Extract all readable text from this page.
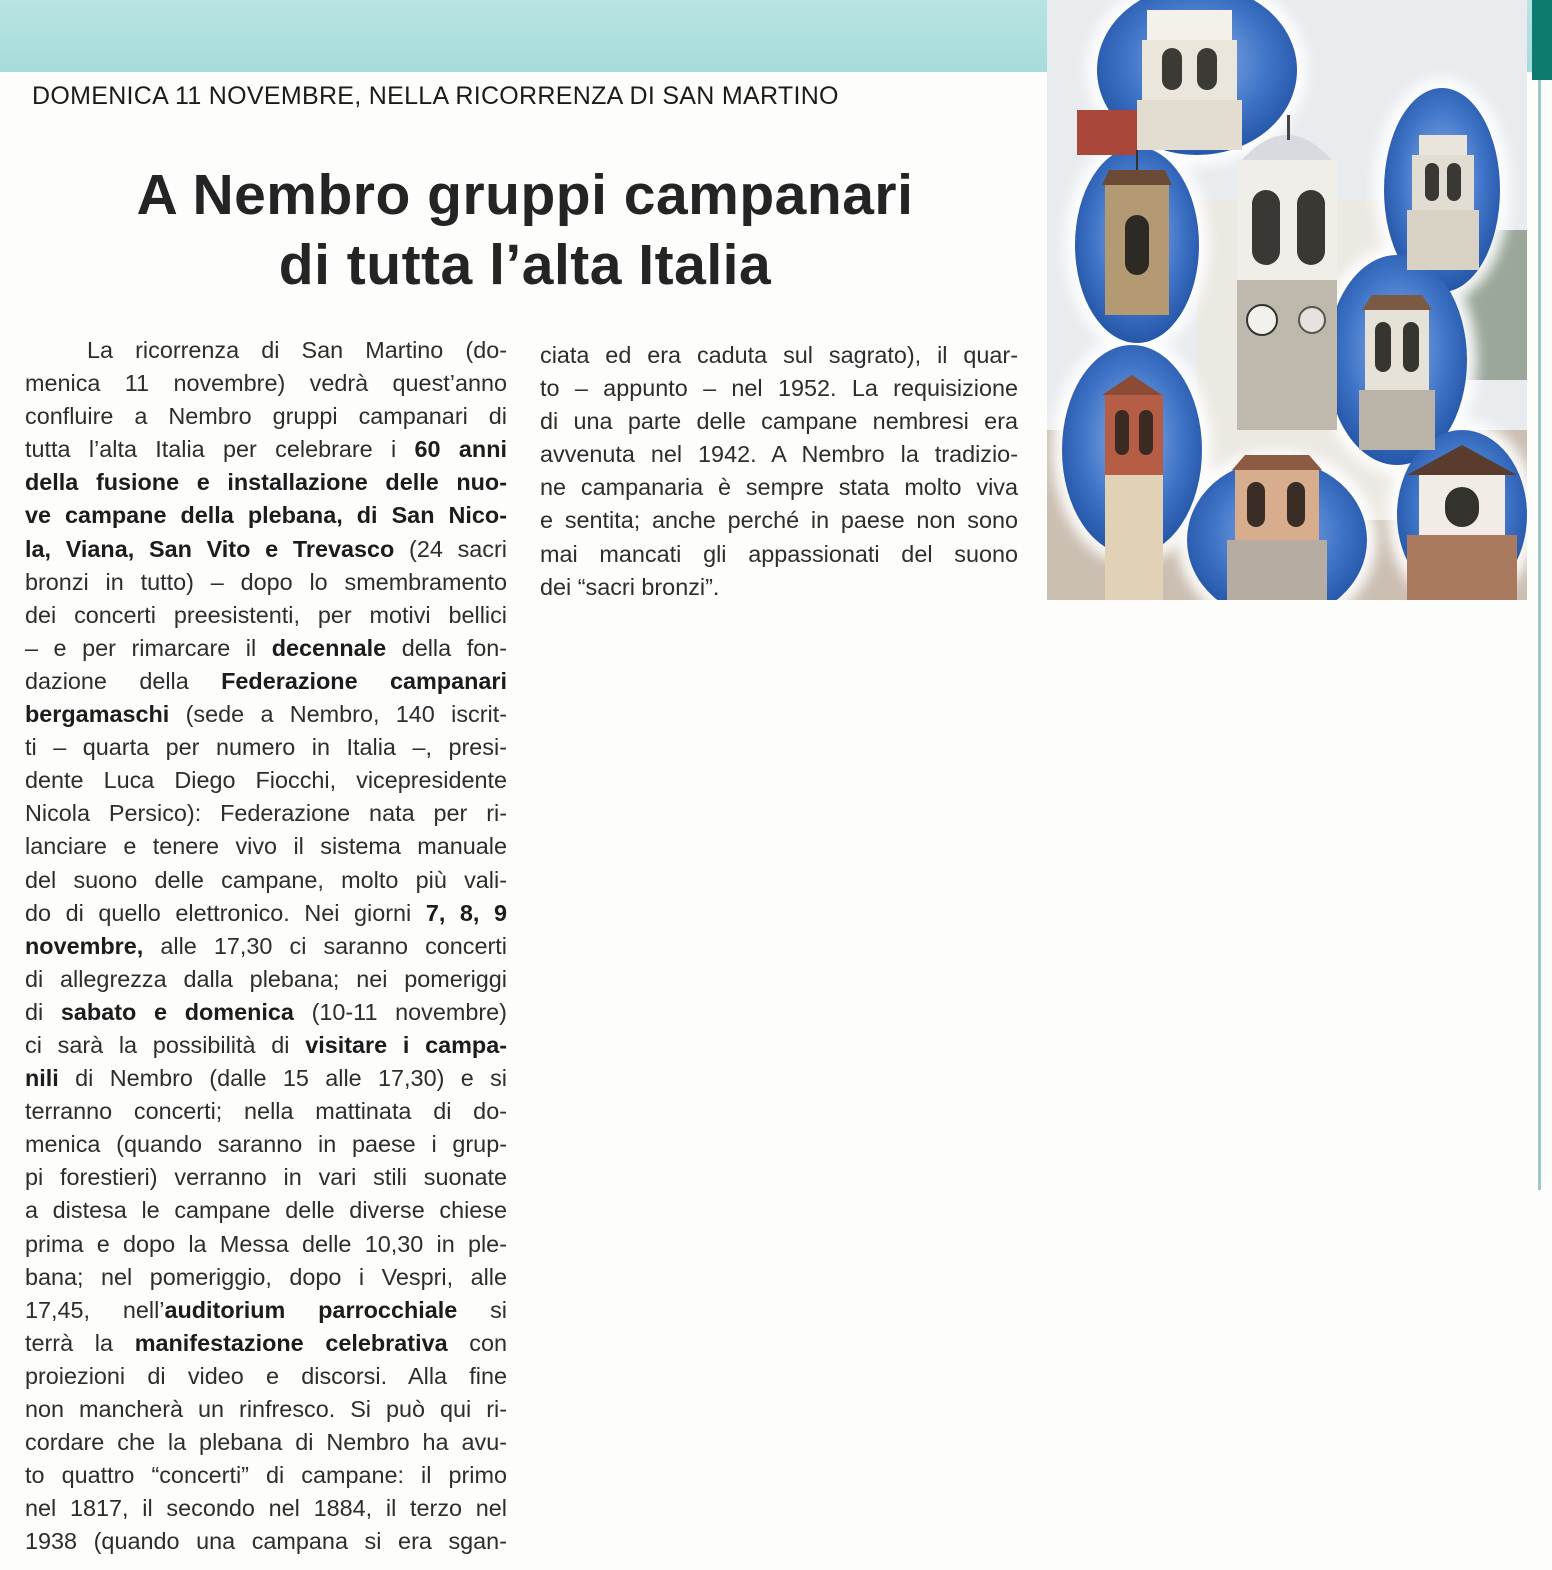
DOMENICA 11 NOVEMBRE, NELLA RICORRENZA DI SAN MARTINO
A Nembro gruppi campanari
di tutta l’alta Italia

La ricorrenza di San Martino (do-
menica 11 novembre) vedrà quest’anno
confluire a Nembro gruppi campanari di
tutta l’alta Italia per celebrare i 60 anni
della fusione e installazione delle nuo-
ve campane della plebana, di San Nico-
la, Viana, San Vito e Trevasco (24 sacri
bronzi in tutto) – dopo lo smembramento
dei concerti preesistenti, per motivi bellici
– e per rimarcare il decennale della fon-
dazione della Federazione campanari
bergamaschi (sede a Nembro, 140 iscrit-
ti – quarta per numero in Italia –, presi-
dente Luca Diego Fiocchi, vicepresidente
Nicola Persico): Federazione nata per ri-
lanciare e tenere vivo il sistema manuale
del suono delle campane, molto più vali-
do di quello elettronico. Nei giorni 7, 8, 9
novembre, alle 17,30 ci saranno concerti
di allegrezza dalla plebana; nei pomeriggi
di sabato e domenica (10-11 novembre)
ci sarà la possibilità di visitare i campa-
nili di Nembro (dalle 15 alle 17,30) e si
terranno concerti; nella mattinata di do-
menica (quando saranno in paese i grup-
pi forestieri) verranno in vari stili suonate
a distesa le campane delle diverse chiese
prima e dopo la Messa delle 10,30 in ple-
bana; nel pomeriggio, dopo i Vespri, alle
17,45, nell’auditorium parrocchiale si
terrà la manifestazione celebrativa con
proiezioni di video e discorsi. Alla fine
non mancherà un rinfresco. Si può qui ri-
cordare che la plebana di Nembro ha avu-
to quattro “concerti” di campane: il primo
nel 1817, il secondo nel 1884, il terzo nel
1938 (quando una campana si era sgan-

ciata ed era caduta sul sagrato), il quar-
to – appunto – nel 1952. La requisizione
di una parte delle campane nembresi era
avvenuta nel 1942. A Nembro la tradizio-
ne campanaria è sempre stata molto viva
e sentita; anche perché in paese non sono
mai mancati gli appassionati del suono
dei “sacri bronzi”.
